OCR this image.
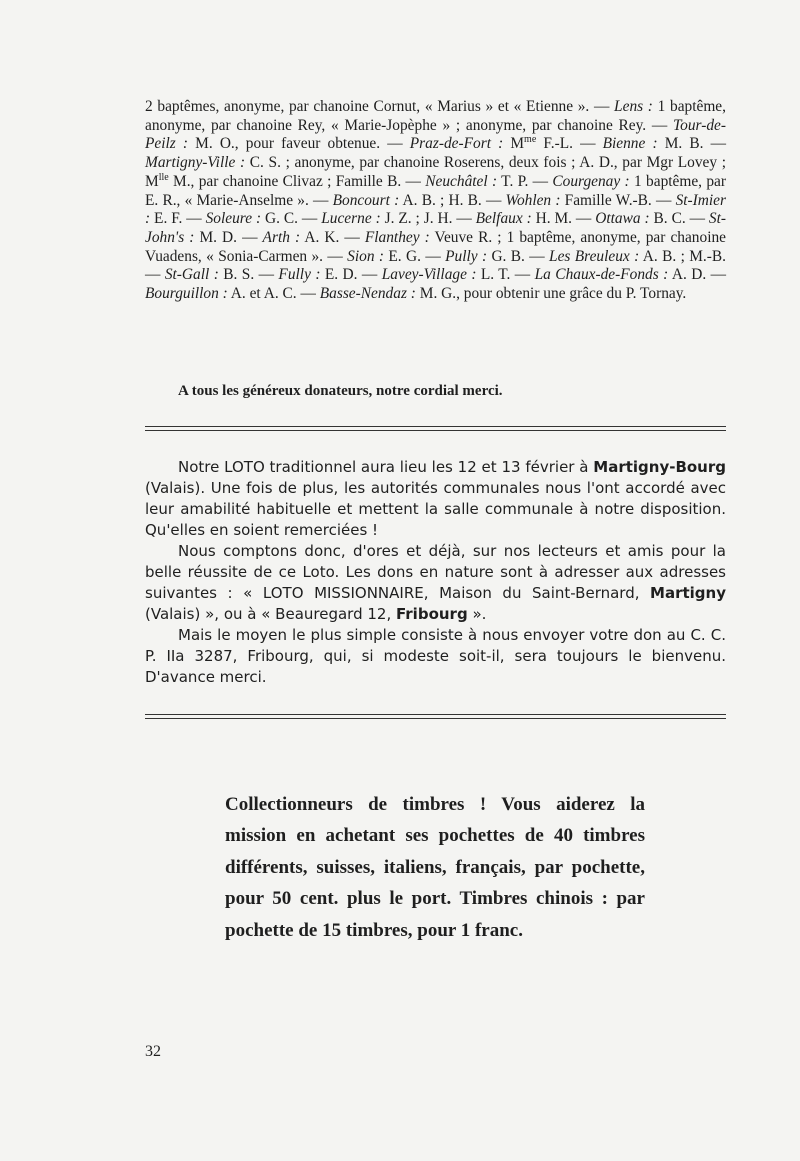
2 baptêmes, anonyme, par chanoine Cornut, « Marius » et « Etienne ». — Lens : 1 baptême, anonyme, par chanoine Rey, « Marie-Jopèphe » ; anonyme, par chanoine Rey. — Tour-de-Peilz : M. O., pour faveur obtenue. — Praz-de-Fort : $M^{me}$ F.-L. — Bienne : M. B. — Martigny-Ville : C. S. ; anonyme, par chanoine Roserens, deux fois ; A. D., par Mgr Lovey ; $M^{lle}$ M., par chanoine Clivaz ; Famille B. — Neuchâtel : T. P. — Courgenay : 1 baptême, par E. R., « Marie-Anselme ». — Boncourt : A. B. ; H. B. — Wohlen : Famille W.-B. — St-Imier : E. F. — Soleure : G. C. — Lucerne : J. Z. ; J. H. — Belfaux : H. M. — Ottawa : B. C. — St-John's : M. D. — Arth : A. K. — Flanthey : Veuve R. ; 1 baptême, anonyme, par chanoine Vuadens, « Sonia-Carmen ». — Sion : E. G. — Pully : G. B. — Les Breuleux : A. B. ; M.-B. — St-Gall : B. S. — Fully : E. D. — Lavey-Village : L. T. — La Chaux-de-Fonds : A. D. — Bourguillon : A. et A. C. — Basse-Nendaz : M. G., pour obtenir une grâce du P. Tornay.

A tous les généreux donateurs, notre cordial merci.

Notre LOTO traditionnel aura lieu les 12 et 13 février à Martigny-Bourg (Valais). Une fois de plus, les autorités communales nous l'ont accordé avec leur amabilité habituelle et mettent la salle communale à notre disposition. Qu'elles en soient remerciées !

Nous comptons donc, d'ores et déjà, sur nos lecteurs et amis pour la belle réussite de ce Loto. Les dons en nature sont à adresser aux adresses suivantes : « LOTO MISSIONNAIRE, Maison du Saint-Bernard, Martigny (Valais) », ou à « Beauregard 12, Fribourg ».

Mais le moyen le plus simple consiste à nous envoyer votre don au C. C. P. IIa 3287, Fribourg, qui, si modeste soit-il, sera toujours le bienvenu. D'avance merci.

Collectionneurs de timbres ! Vous aiderez la mission en achetant ses pochettes de 40 timbres différents, suisses, italiens, français, par pochette, pour 50 cent. plus le port. Timbres chinois : par pochette de 15 timbres, pour 1 franc.

32
